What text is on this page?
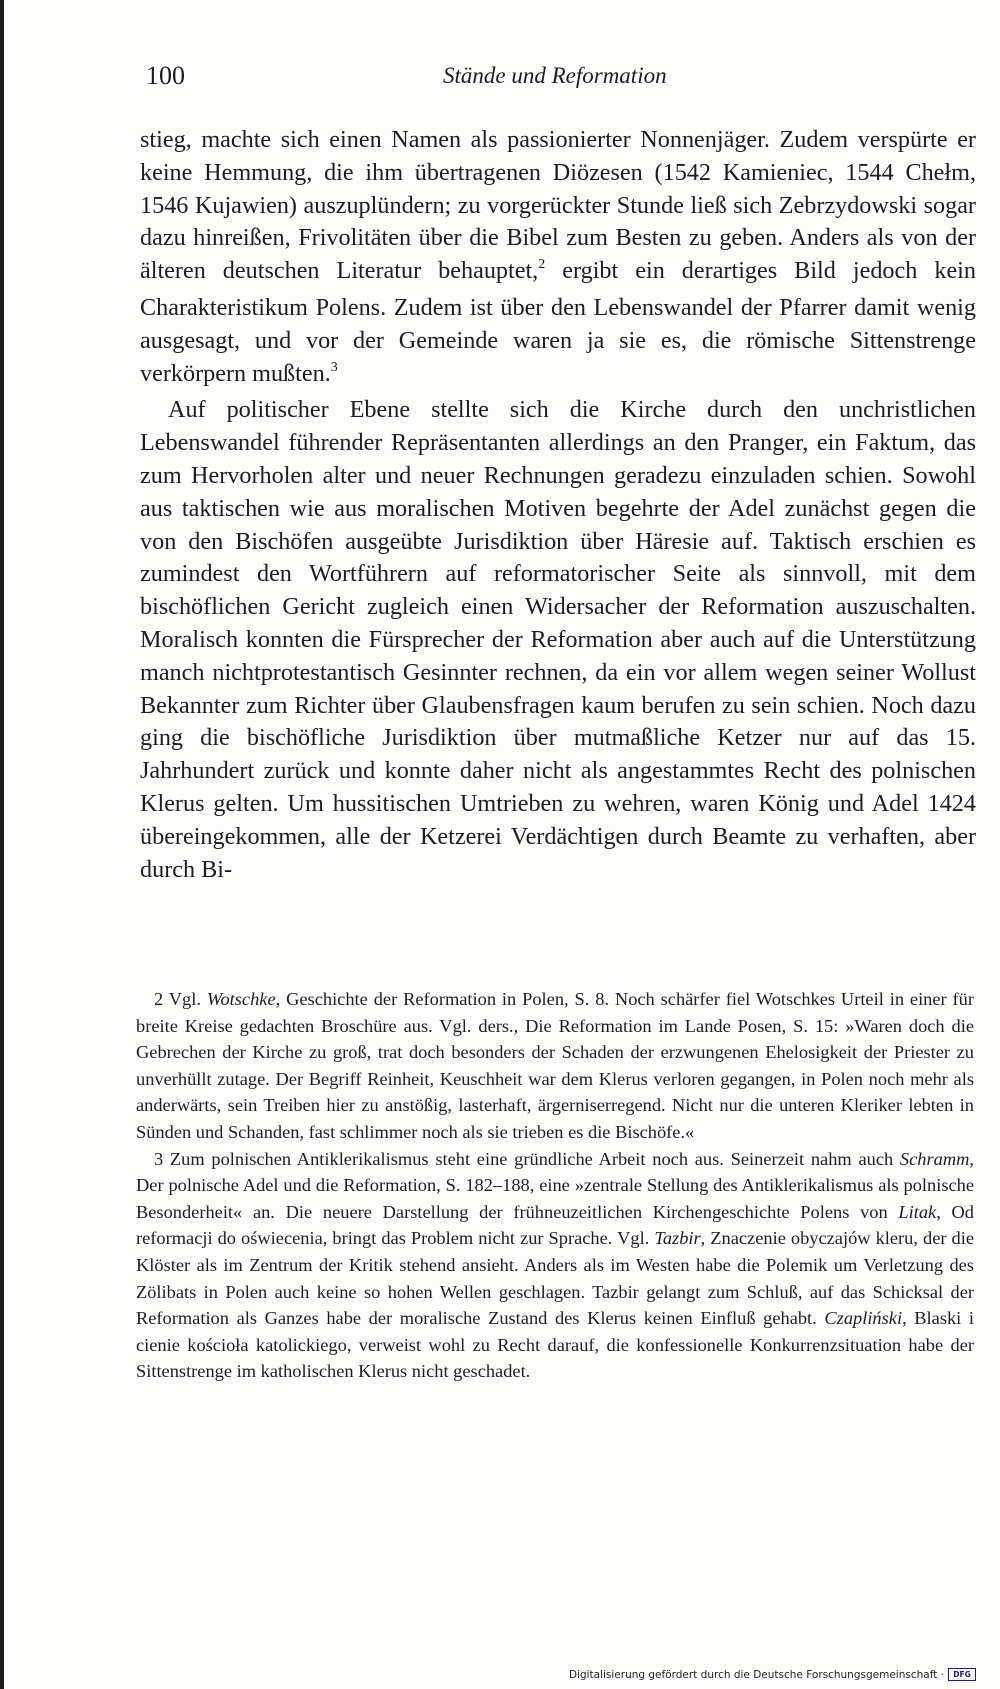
100	Stände und Reformation

stieg, machte sich einen Namen als passionierter Nonnenjäger. Zudem verspürte er keine Hemmung, die ihm übertragenen Diözesen (1542 Kamieniec, 1544 Chełm, 1546 Kujawien) auszuplündern; zu vorgerückter Stunde ließ sich Zebrzydowski sogar dazu hinreißen, Frivolitäten über die Bibel zum Besten zu geben. Anders als von der älteren deutschen Literatur behauptet,$^2$ ergibt ein derartiges Bild jedoch kein Charakteristikum Polens. Zudem ist über den Lebenswandel der Pfarrer damit wenig ausgesagt, und vor der Gemeinde waren ja sie es, die römische Sittenstrenge verkörpern mußten.$^3$

Auf politischer Ebene stellte sich die Kirche durch den unchristlichen Lebenswandel führender Repräsentanten allerdings an den Pranger, ein Faktum, das zum Hervorholen alter und neuer Rechnungen geradezu einzuladen schien. Sowohl aus taktischen wie aus moralischen Motiven begehrte der Adel zunächst gegen die von den Bischöfen ausgeübte Jurisdiktion über Häresie auf. Taktisch erschien es zumindest den Wortführern auf reformatorischer Seite als sinnvoll, mit dem bischöflichen Gericht zugleich einen Widersacher der Reformation auszuschalten. Moralisch konnten die Fürsprecher der Reformation aber auch auf die Unterstützung manch nichtprotestantisch Gesinnter rechnen, da ein vor allem wegen seiner Wollust Bekannter zum Richter über Glaubensfragen kaum berufen zu sein schien. Noch dazu ging die bischöfliche Jurisdiktion über mutmaßliche Ketzer nur auf das 15. Jahrhundert zurück und konnte daher nicht als angestammtes Recht des polnischen Klerus gelten. Um hussitischen Umtrieben zu wehren, waren König und Adel 1424 übereingekommen, alle der Ketzerei Verdächtigen durch Beamte zu verhaften, aber durch Bi-

2 Vgl. Wotschke, Geschichte der Reformation in Polen, S. 8. Noch schärfer fiel Wotschkes Urteil in einer für breite Kreise gedachten Broschüre aus. Vgl. ders., Die Reformation im Lande Posen, S. 15: »Waren doch die Gebrechen der Kirche zu groß, trat doch besonders der Schaden der erzwungenen Ehelosigkeit der Priester zu unverhüllt zutage. Der Begriff Reinheit, Keuschheit war dem Klerus verloren gegangen, in Polen noch mehr als anderwärts, sein Treiben hier zu anstößig, lasterhaft, ärgerniserregend. Nicht nur die unteren Kleriker lebten in Sünden und Schanden, fast schlimmer noch als sie trieben es die Bischöfe.«

3 Zum polnischen Antiklerikalismus steht eine gründliche Arbeit noch aus. Seinerzeit nahm auch Schramm, Der polnische Adel und die Reformation, S. 182–188, eine »zentrale Stellung des Antiklerikalismus als polnische Besonderheit« an. Die neuere Darstellung der frühneuzeitlichen Kirchengeschichte Polens von Litak, Od reformacji do oświecenia, bringt das Problem nicht zur Sprache. Vgl. Tazbir, Znaczenie obyczajów kleru, der die Klöster als im Zentrum der Kritik stehend ansieht. Anders als im Westen habe die Polemik um Verletzung des Zölibats in Polen auch keine so hohen Wellen geschlagen. Tazbir gelangt zum Schluß, auf das Schicksal der Reformation als Ganzes habe der moralische Zustand des Klerus keinen Einfluß gehabt. Czapliński, Blaski i cienie kościoła katolickiego, verweist wohl zu Recht darauf, die konfessionelle Konkurrenzsituation habe der Sittenstrenge im katholischen Klerus nicht geschadet.

Digitalisierung gefördert durch die Deutsche Forschungsgemeinschaft ·	DFG
